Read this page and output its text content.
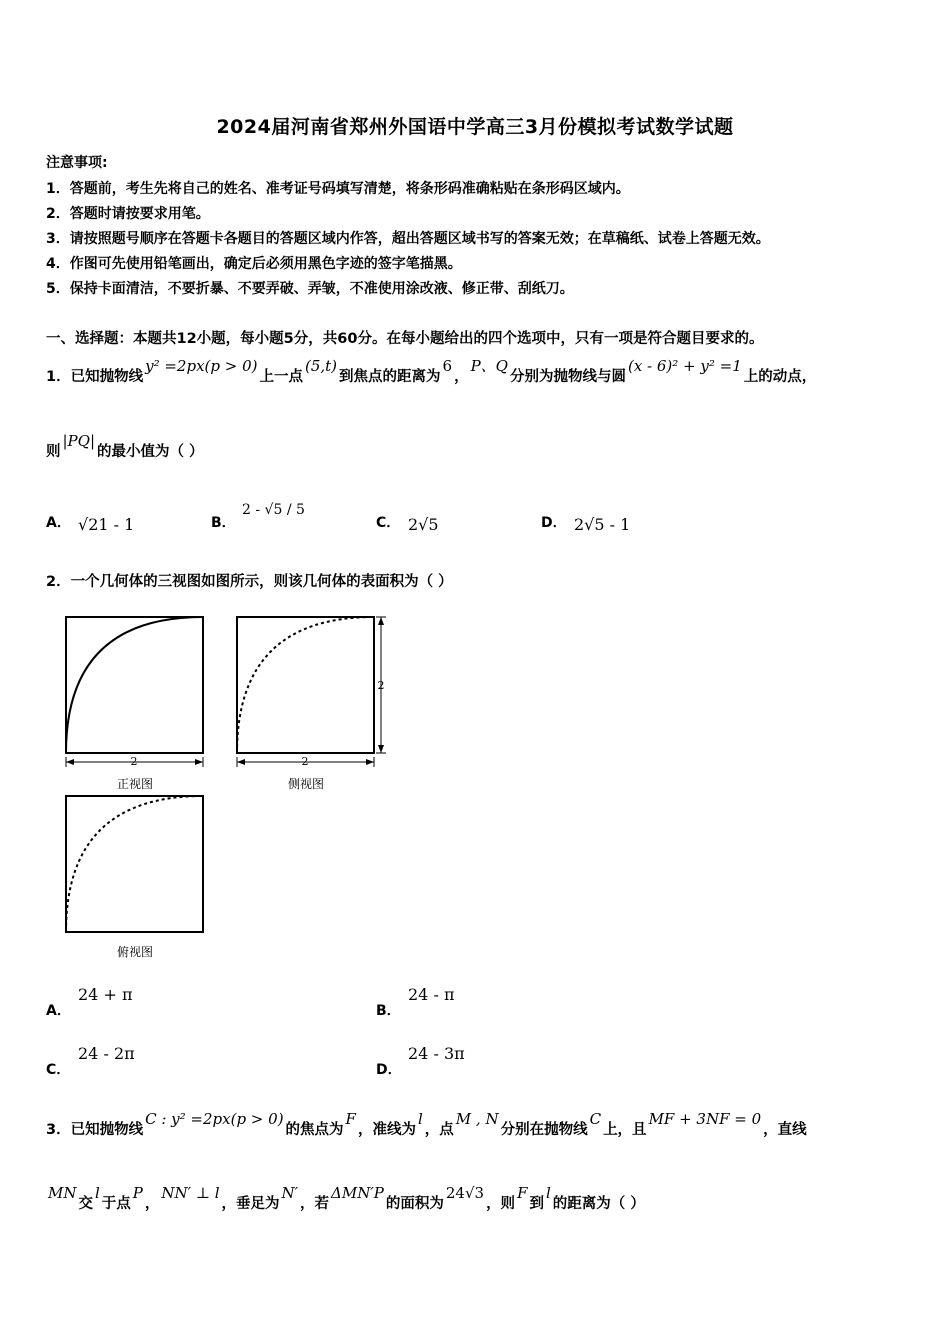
2024届河南省郑州外国语中学高三3月份模拟考试数学试题
注意事项:
1．答题前，考生先将自己的姓名、准考证号码填写清楚，将条形码准确粘贴在条形码区域内。
2．答题时请按要求用笔。
3．请按照题号顺序在答题卡各题目的答题区域内作答，超出答题区域书写的答案无效；在草稿纸、试卷上答题无效。
4．作图可先使用铅笔画出，确定后必须用黑色字迹的签字笔描黑。
5．保持卡面清洁，不要折暴、不要弄破、弄皱，不准使用涂改液、修正带、刮纸刀。
一、选择题：本题共12小题，每小题5分，共60分。在每小题给出的四个选项中，只有一项是符合题目要求的。
1．已知抛物线y² =2px(p > 0)上一点(5,t)到焦点的距离为6，P、Q分别为抛物线与圆(x - 6)² + y² =1上的动点，
则|PQ|的最小值为（ ）
A． √21 - 1	B．
2 - √5 / 5
C． 2√5	D． 2√5 - 1
2．一个几何体的三视图如图所示，则该几何体的表面积为（ ）
2	2
2
正视图	侧视图
俯视图
A．
24 + π
B．
24 - π
C．
24 - 2π
D．
24 - 3π
3．已知抛物线C : y² =2px(p > 0)的焦点为F，准线为l，点M , N分别在抛物线C上，且MF + 3NF = 0，直线
MN交l于点P，NN′ ⊥ l，垂足为N′，若ΔMN′P的面积为24√3，则F到l的距离为（ ）
